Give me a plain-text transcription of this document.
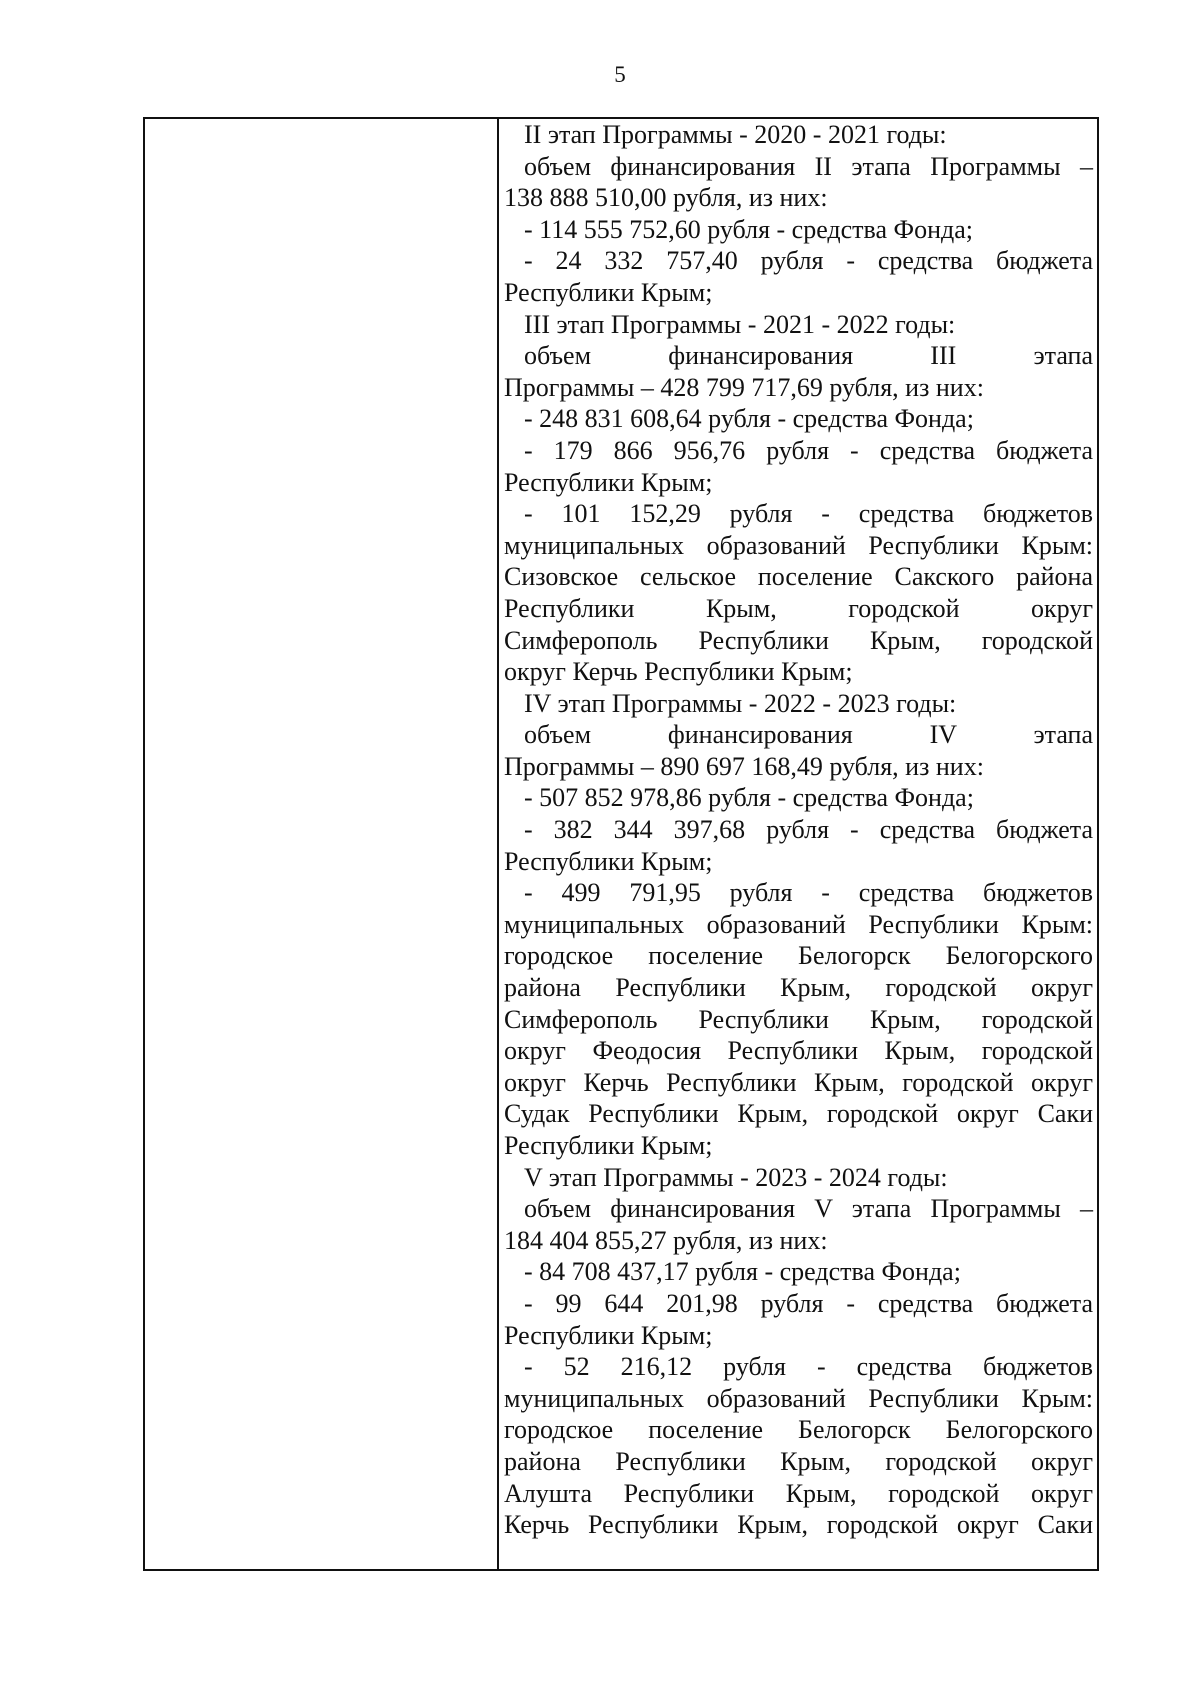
5
II этап Программы - 2020 - 2021 годы:
объем финансирования II этапа Программы –
138 888 510,00 рубля, из них:
- 114 555 752,60 рубля - средства Фонда;
- 24 332 757,40 рубля - средства бюджета
Республики Крым;
III этап Программы - 2021 - 2022 годы:
объем финансирования III этапа
Программы – 428 799 717,69 рубля, из них:
- 248 831 608,64 рубля - средства Фонда;
- 179 866 956,76 рубля - средства бюджета
Республики Крым;
- 101 152,29 рубля - средства бюджетов
муниципальных образований Республики Крым:
Сизовское сельское поселение Сакского района
Республики Крым, городской округ
Симферополь Республики Крым, городской
округ Керчь Республики Крым;
IV этап Программы - 2022 - 2023 годы:
объем финансирования IV этапа
Программы – 890 697 168,49 рубля, из них:
- 507 852 978,86 рубля - средства Фонда;
- 382 344 397,68 рубля - средства бюджета
Республики Крым;
- 499 791,95 рубля - средства бюджетов
муниципальных образований Республики Крым:
городское поселение Белогорск Белогорского
района Республики Крым, городской округ
Симферополь Республики Крым, городской
округ Феодосия Республики Крым, городской
округ Керчь Республики Крым, городской округ
Судак Республики Крым, городской округ Саки
Республики Крым;
V этап Программы - 2023 - 2024 годы:
объем финансирования V этапа Программы –
184 404 855,27 рубля, из них:
- 84 708 437,17 рубля - средства Фонда;
- 99 644 201,98 рубля - средства бюджета
Республики Крым;
- 52 216,12 рубля - средства бюджетов
муниципальных образований Республики Крым:
городское поселение Белогорск Белогорского
района Республики Крым, городской округ
Алушта Республики Крым, городской округ
Керчь Республики Крым, городской округ Саки
